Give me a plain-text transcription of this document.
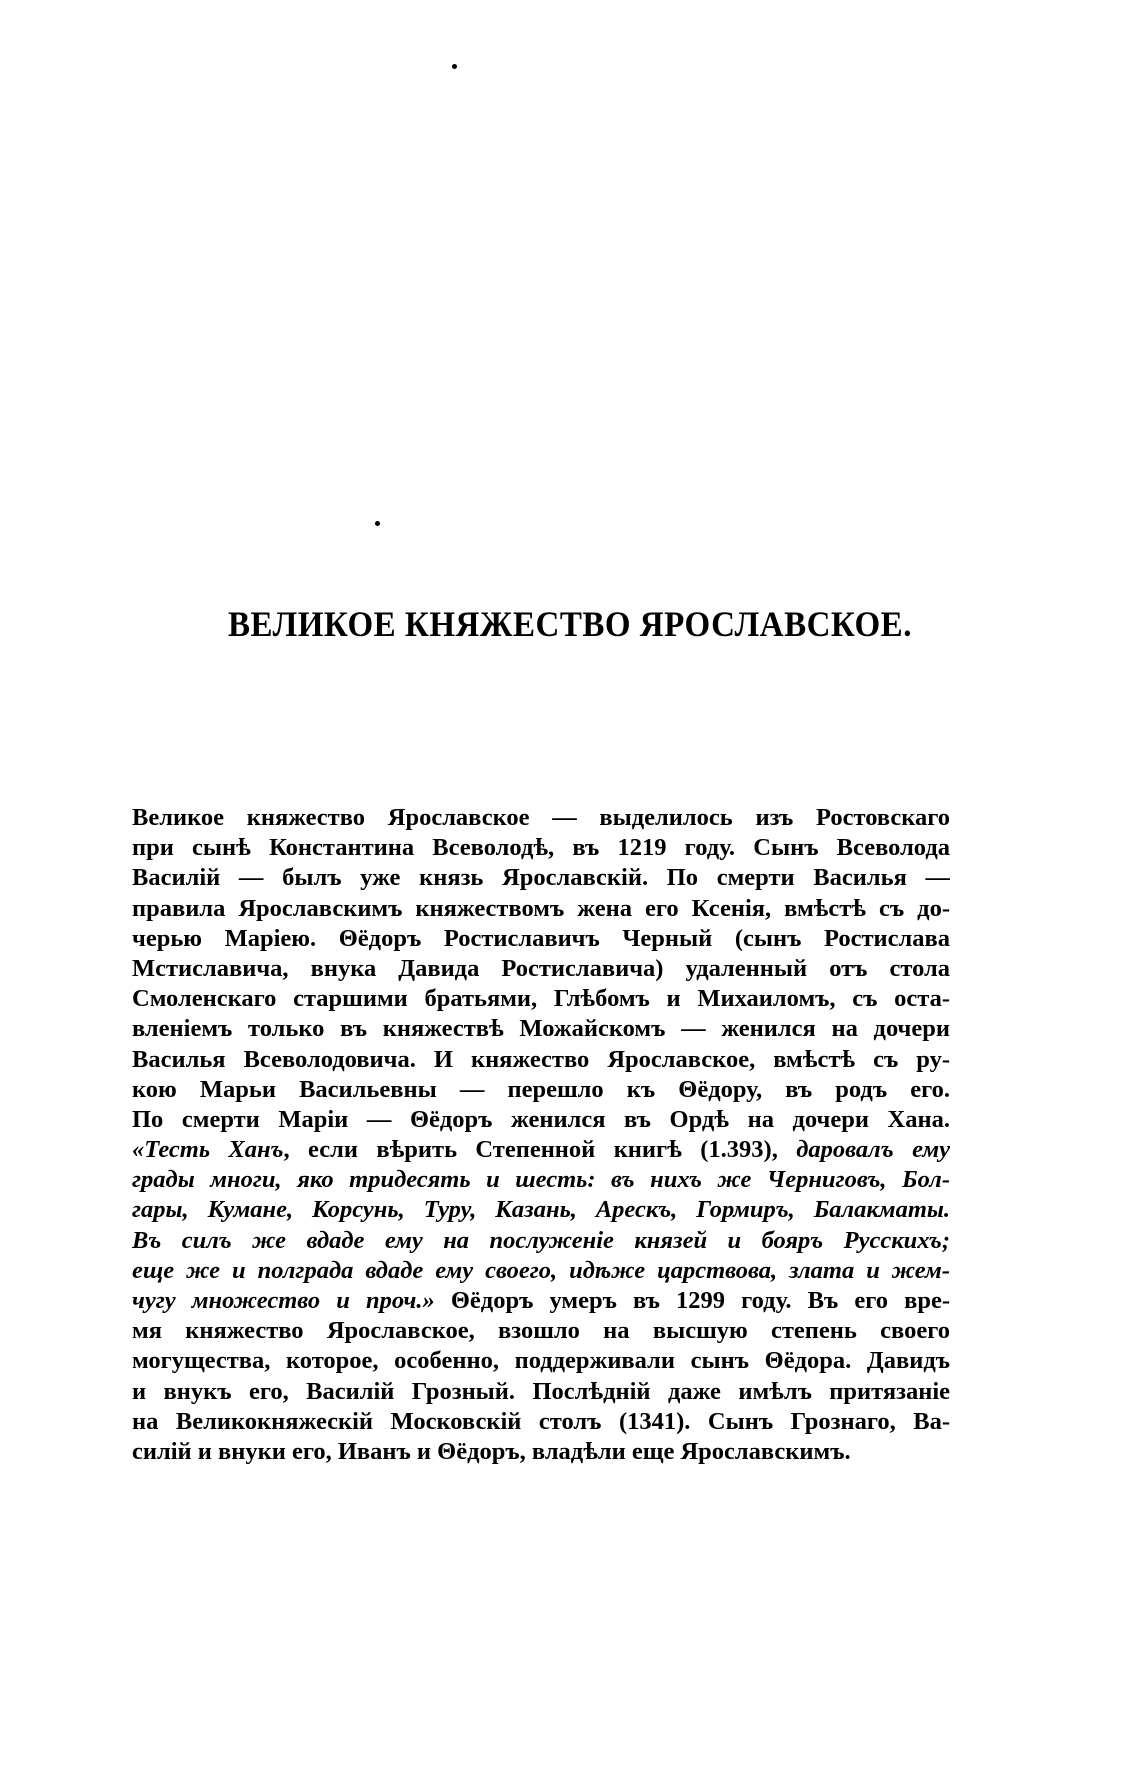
ВЕЛИКОЕ КНЯЖЕСТВО ЯРОСЛАВСКОЕ.
Великое княжество Ярославское — выделилось изъ Ростовскаго
при сынѣ Константина Всеволодѣ, въ 1219 году. Сынъ Всеволода
Василій — былъ уже князь Ярославскій. По смерти Василья —
правила Ярославскимъ княжествомъ жена его Ксенія, вмѣстѣ съ до-
черью Маріею. Θёдоръ Ростиславичъ Черный (сынъ Ростислава
Мстиславича, внука Давида Ростиславича) удаленный отъ стола
Смоленскаго старшими братьями, Глѣбомъ и Михаиломъ, съ оста-
вленіемъ только въ княжествѣ Можайскомъ — женился на дочери
Василья Всеволодовича. И княжество Ярославское, вмѣстѣ съ ру-
кою Марьи Васильевны — перешло къ Θёдору, въ родъ его.
По смерти Маріи — Θёдоръ женился въ Ордѣ на дочери Хана.
«Тесть Ханъ, если вѣрить Степенной книгѣ (1.393), даровалъ ему
грады многи, яко тридесять и шесть: въ нихъ же Черниговъ, Бол-
гары, Кумане, Корсунь, Туру, Казань, Арескъ, Гормиръ, Балакматы.
Въ силъ же вдаде ему на послуженіе князей и бояръ Русскихъ;
еще же и полграда вдаде ему своего, идѣже царствова, злата и жем-
чугу множество и проч.» Θёдоръ умеръ въ 1299 году. Въ его вре-
мя княжество Ярославское, взошло на высшую степень своего
могущества, которое, особенно, поддерживали сынъ Θёдора. Давидъ
и внукъ его, Василій Грозный. Послѣдній даже имѣлъ притязаніе
на Великокняжескій Московскій столъ (1341). Сынъ Грознаго, Ва-
силій и внуки его, Иванъ и Θёдоръ, владѣли еще Ярославскимъ.
